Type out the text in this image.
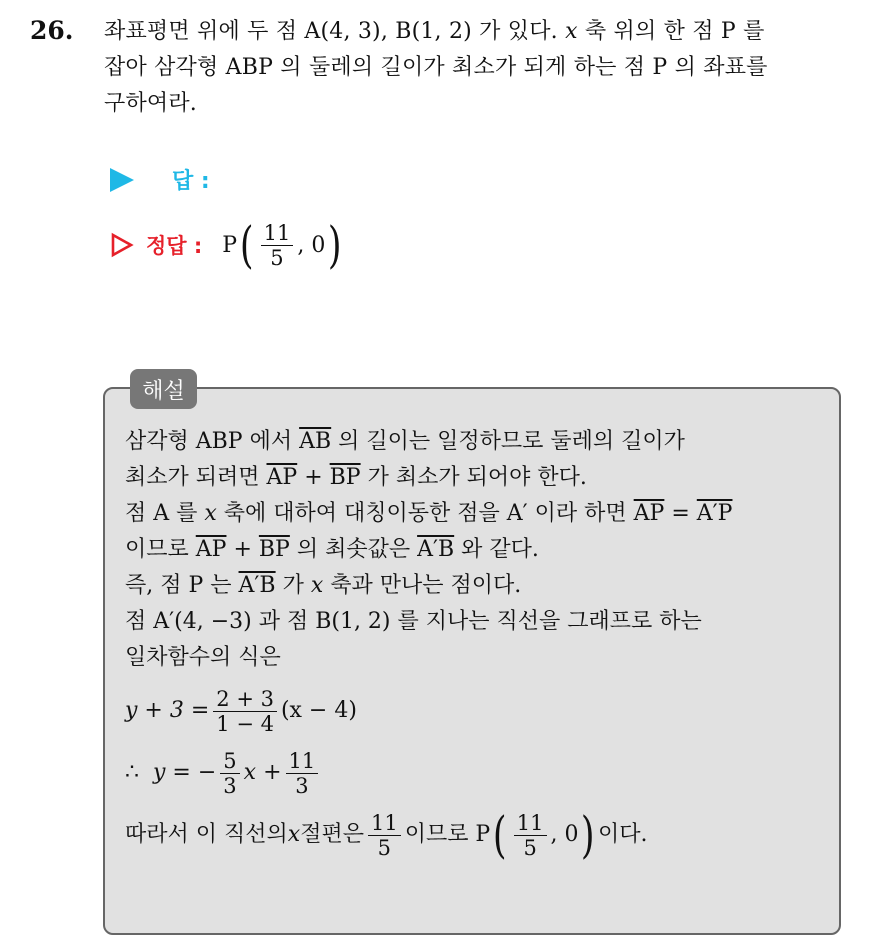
26. 좌표평면 위에 두 점 A(4, 3), B(1, 2) 가 있다. x 축 위의 한 점 P 를
잡아 삼각형 ABP 의 둘레의 길이가 최소가 되게 하는 점 P 의 좌표를
구하여라.
답 :
정답 : P ( $\frac{11}{5}$ , 0 )
해설
삼각형 ABP 에서 $\overline{AB}$ 의 길이는 일정하므로 둘레의 길이가
최소가 되려면 $\overline{AP} + \overline{BP}$ 가 최소가 되어야 한다.
점 A 를 x 축에 대하여 대칭이동한 점을 A′ 이라 하면 $\overline{AP} = A'P$
이므로 $\overline{AP} + \overline{BP}$ 의 최솟값은 A′B 와 같다.
즉, 점 P 는 A′B 가 x 축과 만나는 점이다.
점 A′(4, −3) 과 점 B(1, 2) 를 지나는 직선을 그래프로 하는
일차함수의 식은
$y + 3 = \frac{2 + 3}{1 - 4} (x - 4)$
∴ y = − $\frac{5}{3}$ $x + \frac{11}{3}$
따라서 이 직선의 x 절편은 $\frac{11}{5}$ 이므로 P ( $\frac{11}{5}$ , 0 ) 이다.
